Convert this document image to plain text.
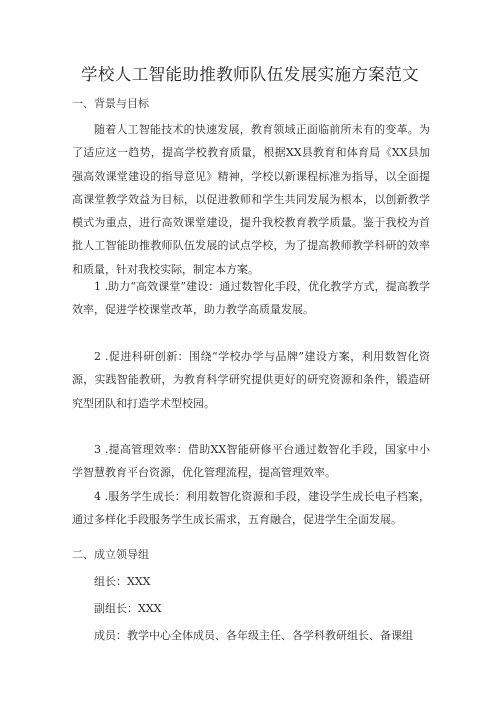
学校人工智能助推教师队伍发展实施方案范文
一、背景与目标

随着人工智能技术的快速发展，教育领域正面临前所未有的变革。为了适应这一趋势，提高学校教育质量，根据XX县教育和体育局《XX县加强高效课堂建设的指导意见》精神，学校以新课程标准为指导，以全面提高课堂教学效益为目标，以促进教师和学生共同发展为根本，以创新教学模式为重点，进行高效课堂建设，提升我校教育教学质量。鉴于我校为首批人工智能助推教师队伍发展的试点学校，为了提高教师教学科研的效率和质量，针对我校实际，制定本方案。

1 .助力“高效课堂”建设：通过数智化手段，优化教学方式，提高教学效率，促进学校课堂改革，助力教学高质量发展。

2 .促进科研创新：围绕“学校办学与品牌”建设方案，利用数智化资源，实践智能教研，为教育科学研究提供更好的研究资源和条件，锻造研究型团队和打造学术型校园。

3 .提高管理效率：借助XX智能研修平台通过数智化手段，国家中小学智慧教育平台资源，优化管理流程，提高管理效率。

4 .服务学生成长：利用数智化资源和手段，建设学生成长电子档案，通过多样化手段服务学生成长需求，五育融合，促进学生全面发展。

二、成立领导组
组长：XXX
副组长：XXX
成员：教学中心全体成员、各年级主任、各学科教研组长、备课组
